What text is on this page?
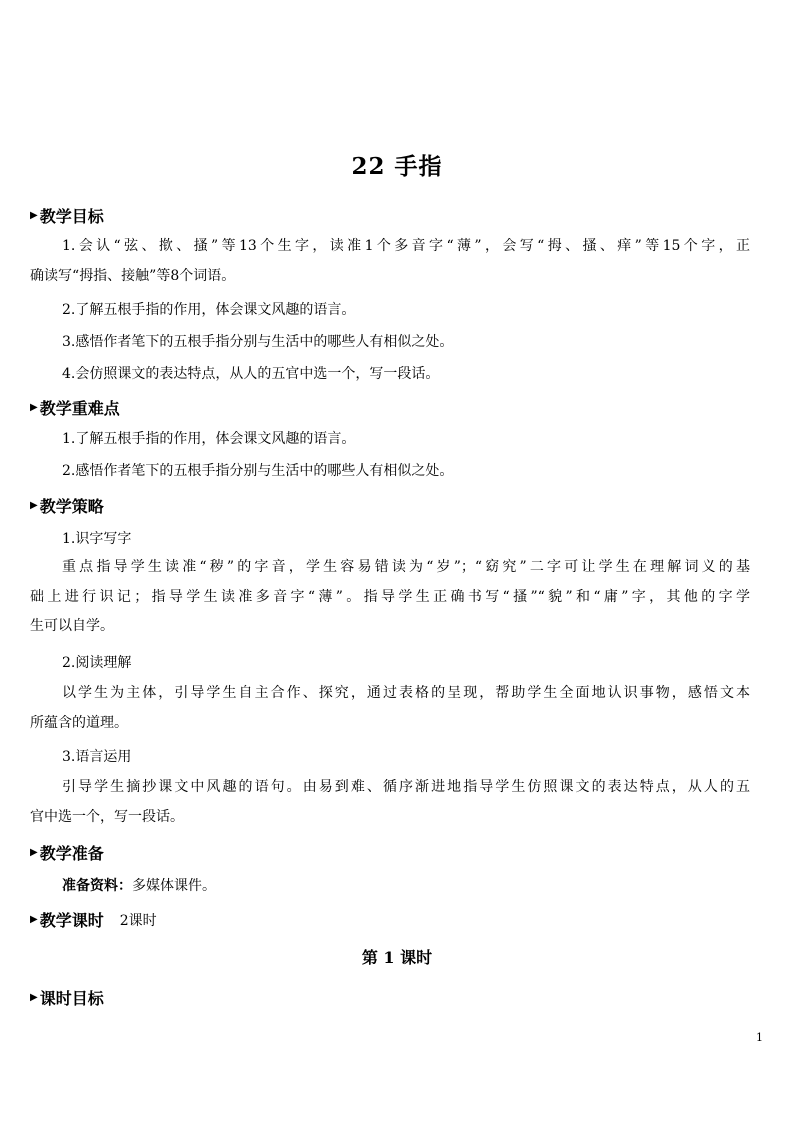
22 手指
▶ 教学目标
1.会认“弦、揿、搔”等13个生字，读准1个多音字“薄”，会写“拇、搔、痒”等15个字，正
确读写“拇指、接触”等8个词语。
2.了解五根手指的作用，体会课文风趣的语言。
3.感悟作者笔下的五根手指分别与生活中的哪些人有相似之处。
4.会仿照课文的表达特点，从人的五官中选一个，写一段话。
▶ 教学重难点
1.了解五根手指的作用，体会课文风趣的语言。
2.感悟作者笔下的五根手指分别与生活中的哪些人有相似之处。
▶ 教学策略
1.识字写字
重点指导学生读准“秽”的字音，学生容易错读为“岁”；“窈究”二字可让学生在理解词义的基
础上进行识记；指导学生读准多音字“薄”。指导学生正确书写“搔”“貌”和“庸”字，其他的字学
生可以自学。
2.阅读理解
以学生为主体，引导学生自主合作、探究，通过表格的呈现，帮助学生全面地认识事物，感悟文本
所蕴含的道理。
3.语言运用
引导学生摘抄课文中风趣的语句。由易到难、循序渐进地指导学生仿照课文的表达特点，从人的五
官中选一个，写一段话。
▶ 教学准备
准备资料：多媒体课件。
▶ 教学课时 2课时
第 1 课时
▶ 课时目标
1
